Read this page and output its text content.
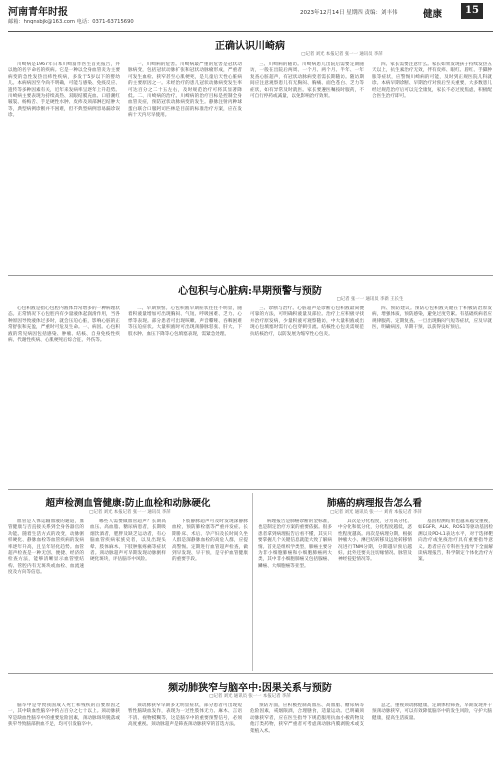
河南青年时报
邮箱：hnqnsbjk@163.com 电话：0371-63715690
2023年12月14日 星期四 责编：刘丰伟	健康	15
正确认识川崎病
□记者 刘光 本报记者 张一一 通讯员 李萍

川崎病是1967年日本川崎富作医生首先报告，并以他的名字命名的疾病。它是一种以全身血管炎为主要病变的急性发热出疹性疾病，多发于5岁以下的婴幼儿。本病病因至今尚不明确，可能与感染、免疫反应、遗传等多种因素有关，近年来发病率呈逐年上升趋势。川崎病主要表现为持续高热、双眼结膜充血、口唇潮红皲裂、杨梅舌、手足硬性水肿、皮疹及颈部淋巴结肿大等，典型病例诊断并不困难，但不典型病例容易漏诊误诊。

一、川崎病的危害。川崎病最严重的危害是冠状动脉病变，包括冠状动脉扩张和冠状动脉瘤形成，严重者可发生血栓、狭窄甚至心肌梗死，是儿童后天性心脏病的主要原因之一。未经治疗的患儿冠状动脉病变发生率可达百分之二十五左右，及时规范治疗可将其显著降低。二、川崎病的治疗。川崎病的治疗目标是控制全身血管炎症，预防冠状动脉病变的发生。静脉注射丙种球蛋白联合口服阿司匹林是目前的标准治疗方案，应在发病十天内尽早使用。

三、川崎病的随访。川崎病患儿出院后需要定期随访，一般在出院后两周、一个月、两个月、半年、一年复查心脏超声，有冠状动脉病变者需长期随访。随访期间应注意观察患儿有无胸闷、胸痛、面色苍白、乏力等症状，如有异常及时就医。家长要遵医嘱按时服药，不可自行停药或减量，以免影响治疗效果。

四、家长需要注意什么。家长如果发现孩子持续发热五天以上，抗生素治疗无效，伴有皮疹、眼红、唇红、手脚肿胀等症状，应警惕川崎病的可能，及时到正规医院儿科就诊。本病早期诊断、早期治疗对预后至关重要，大多数患儿经过规范治疗后可以完全康复，家长不必过度焦虑，积极配合医生治疗即可。

心包积与心脏病:早期预警与预防
□记者 张一一 通讯员 李新 王长生

心包积液是指心包腔内液体异常增多的一种病理状态。正常情况下心包腔内有少量液体起润滑作用，当各种原因导致液体过多时，就会压迫心脏，影响心脏的正常舒张和充盈，严重时可危及生命。一、病因。心包积液的常见病因包括感染、肿瘤、结核、自身免疫性疾病、代谢性疾病、心肌梗死后综合征、外伤等。

二、早期预警。心包积液早期症状往往不明显，随着积液量增加可出现胸闷、气短、呼吸困难、乏力、心悸等表现。部分患者可出现咳嗽、声音嘶哑、吞咽困难等压迫症状。大量积液时可出现颈静脉怒张、肝大、下肢水肿、血压下降等心包填塞表现，需紧急处理。

三、诊断与治疗。心脏超声是诊断心包积液最简便可靠的方法，可明确积液量及部位。治疗上应积极寻找并治疗原发病，少量积液可观察随访，中大量积液或出现心包填塞时需行心包穿刺引流。结核性心包炎需规范抗结核治疗，以防发展为缩窄性心包炎。

四、预防建议。预防心包积液关键在于积极防治原发病，增强体质，预防感染，避免过度劳累。有基础疾病者应规律服药、定期复查。一旦出现胸闷气短等症状，应及早就医，明确病因，早期干预，以获得良好预后。

超声检测血管健康:防止血栓和动脉硬化
□记者 刘光 本报记者 张一一 通讯员 李萍

血管是人体运输血液的通道，血管健康与否直接关系到全身各器官的功能。随着生活方式的改变，动脉粥样硬化、静脉血栓等血管疾病的发病率逐年升高，且呈年轻化趋势。血管超声检查是一种无创、便捷、经济的检查方法，能够清晰显示血管壁结构、管腔内有无斑块或血栓、血流速度及方向等信息。

哪些人需要做血管超声？长期高血压、高血脂、糖尿病患者，长期吸烟饮酒者，肥胖及缺乏运动者，有心脑血管疾病家族史者，以及出现头晕、肢体麻木、下肢肿胀疼痛等症状者。颈动脉超声可早期发现动脉粥样硬化斑块，评估脑卒中风险。

下肢静脉超声可及时发现深静脉血栓，预防肺栓塞等严重并发症。长期卧床、术后、孕产妇及长时间久坐人群是深静脉血栓的高危人群，应提高警惕。定期进行血管超声检查，做到早发现、早干预，是守护血管健康的重要手段。

肺癌的病理报告怎么看
□记者 刘光 通讯员 张一一 刘青 本报记者 李萍

病理报告是肺癌诊断的金标准，也是制定治疗方案的重要依据。很多患者拿到病理报告后看不懂，其实只要掌握几个关键信息就能大致了解病情。首先是组织学类型，肺癌主要分为非小细胞肺癌和小细胞肺癌两大类，其中非小细胞肺癌又包括腺癌、鳞癌、大细胞癌等亚型。

其次是分化程度，分为高分化、中分化和低分化，分化程度越低，恶性程度越高。再次是病理分期，根据肿瘤大小、淋巴结转移及远处转移情况进行TNM分期，分期越早预后越好。此外还要关注切缘情况、脉管及神经侵犯情况等。

基因检测结果也越来越受重视，如EGFR、ALK、ROS1等驱动基因检测以及PD-L1表达水平，对于选择靶向治疗或免疫治疗具有重要指导意义。患者应在专科医生指导下全面解读病理报告，科学制定个体化治疗方案。

频动肺狭窄与脑卒中:因果关系与预防
□记者 刘光 通讯员 张一一 本报记者 李萍

脑卒中是导致我国成人死亡和残疾的首要原因之一，其中缺血性脑卒中约占百分之七十以上。颈动脉狭窄是缺血性脑卒中的重要危险因素，颈动脉斑块脱落或狭窄导致脑部供血不足，均可引发脑卒中。

颈动脉狭窄早期多无明显症状，部分患者可出现短暂性脑缺血发作，表现为一过性肢体无力、麻木、言语不清、视物模糊等，这是脑卒中的重要预警信号，必须高度重视。颈动脉超声是筛查颈动脉狭窄的首选方法。

预防方面，应积极控制高血压、高血脂、糖尿病等危险因素，戒烟限酒，合理膳食，适量运动。已明确颈动脉狭窄者，应在医生指导下规范服用抗血小板药物及他汀类药物，狭窄严重者可考虑颈动脉内膜剥脱术或支架植入术。

总之，重视颈动脉健康，定期体检筛查，早期发现并干预颈动脉狭窄，可以有效降低脑卒中的发生风险，守护大脑健康，提高生活质量。
